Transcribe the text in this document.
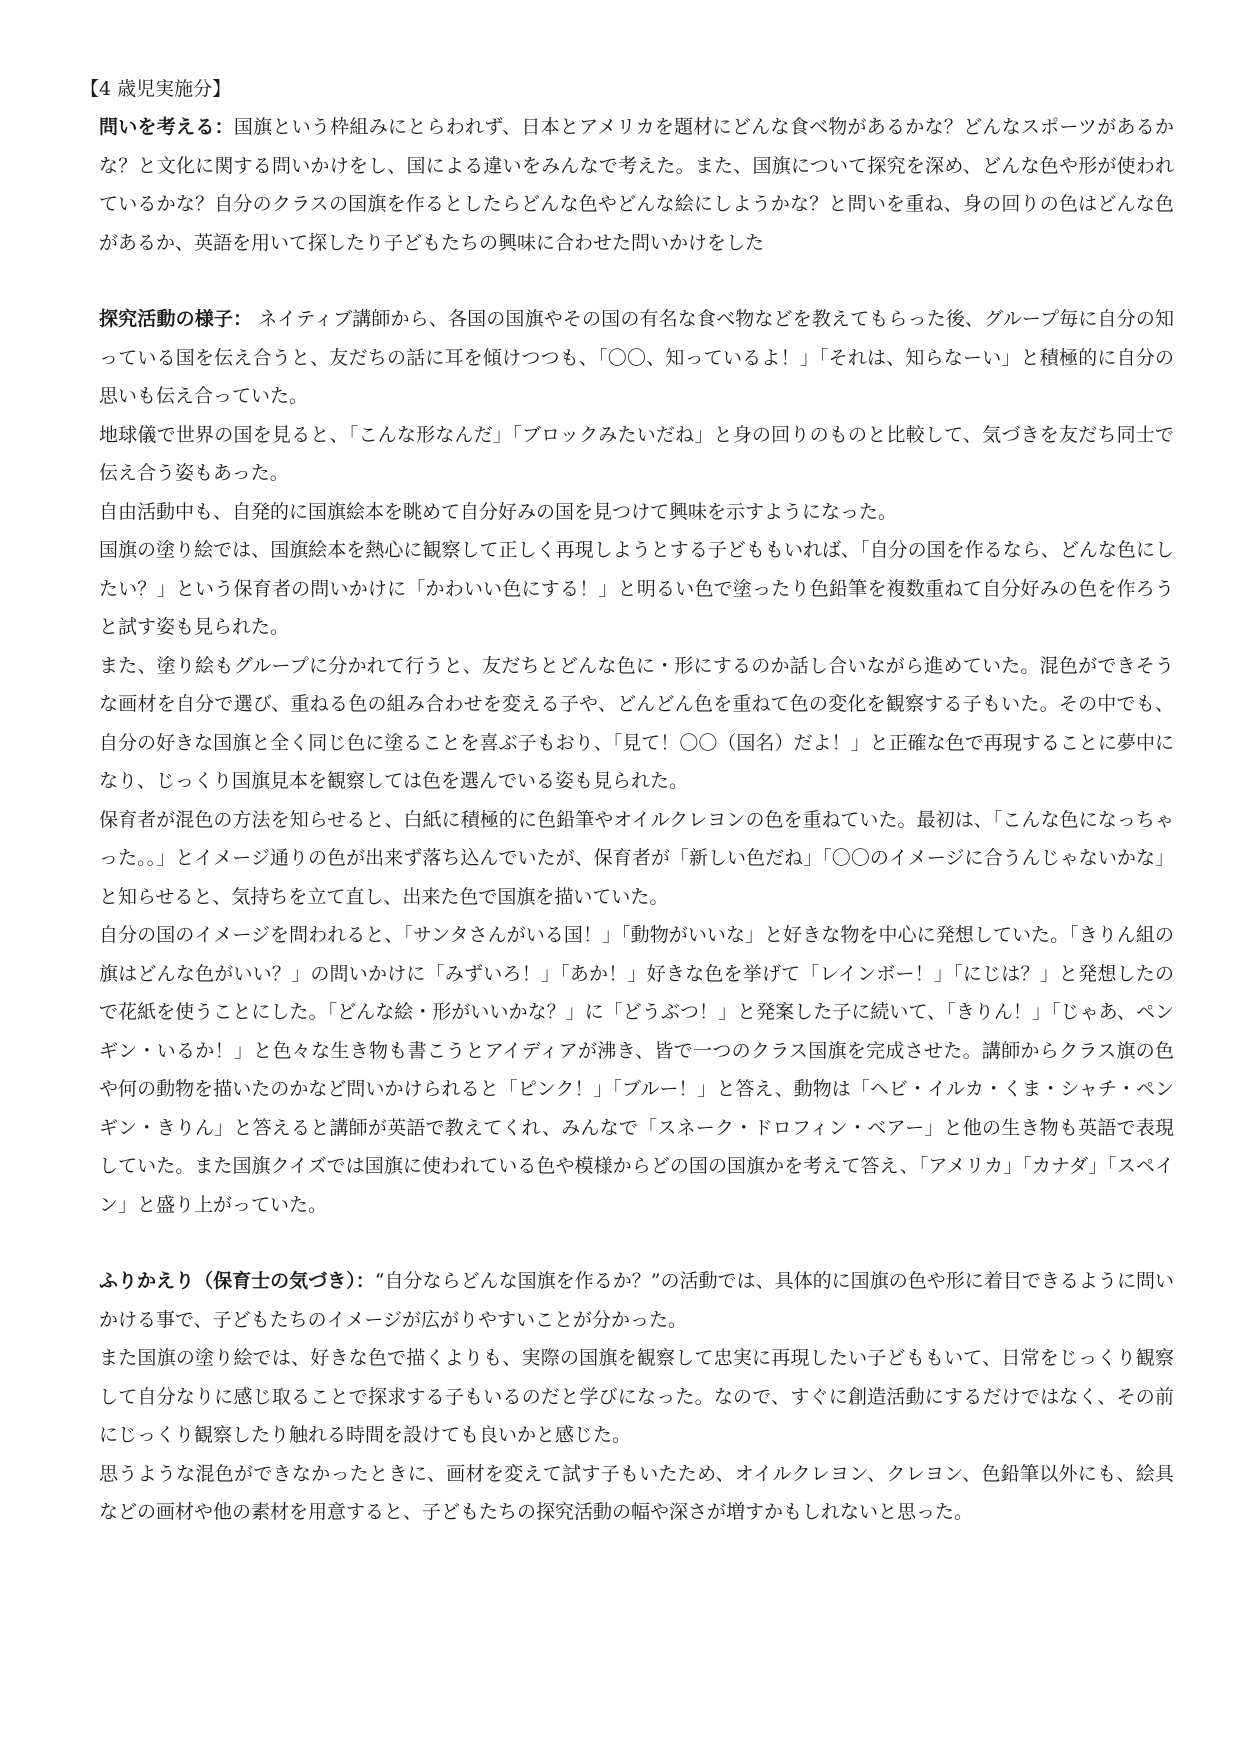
【4 歳児実施分】

問いを考える：国旗という枠組みにとらわれず、日本とアメリカを題材にどんな食べ物があるかな？どんなスポーツがあるかな？と文化に関する問いかけをし、国による違いをみんなで考えた。また、国旗について探究を深め、どんな色や形が使われているかな？自分のクラスの国旗を作るとしたらどんな色やどんな絵にしようかな？と問いを重ね、身の回りの色はどんな色があるか、英語を用いて探したり子どもたちの興味に合わせた問いかけをした

探究活動の様子： ネイティブ講師から、各国の国旗やその国の有名な食べ物などを教えてもらった後、グループ毎に自分の知っている国を伝え合うと、友だちの話に耳を傾けつつも、「〇〇、知っているよ！」「それは、知らなーい」と積極的に自分の思いも伝え合っていた。

地球儀で世界の国を見ると、「こんな形なんだ」「ブロックみたいだね」と身の回りのものと比較して、気づきを友だち同士で伝え合う姿もあった。

自由活動中も、自発的に国旗絵本を眺めて自分好みの国を見つけて興味を示すようになった。

国旗の塗り絵では、国旗絵本を熱心に観察して正しく再現しようとする子どももいれば、「自分の国を作るなら、どんな色にしたい？」という保育者の問いかけに「かわいい色にする！」と明るい色で塗ったり色鉛筆を複数重ねて自分好みの色を作ろうと試す姿も見られた。

また、塗り絵もグループに分かれて行うと、友だちとどんな色に・形にするのか話し合いながら進めていた。混色ができそうな画材を自分で選び、重ねる色の組み合わせを変える子や、どんどん色を重ねて色の変化を観察する子もいた。その中でも、自分の好きな国旗と全く同じ色に塗ることを喜ぶ子もおり、「見て！〇〇（国名）だよ！」と正確な色で再現することに夢中になり、じっくり国旗見本を観察しては色を選んでいる姿も見られた。

保育者が混色の方法を知らせると、白紙に積極的に色鉛筆やオイルクレヨンの色を重ねていた。最初は、「こんな色になっちゃった。。」とイメージ通りの色が出来ず落ち込んでいたが、保育者が「新しい色だね」「〇〇のイメージに合うんじゃないかな」と知らせると、気持ちを立て直し、出来た色で国旗を描いていた。

自分の国のイメージを問われると、「サンタさんがいる国！」「動物がいいな」と好きな物を中心に発想していた。「きりん組の旗はどんな色がいい？」の問いかけに「みずいろ！」「あか！」好きな色を挙げて「レインボー！」「にじは？」と発想したので花紙を使うことにした。「どんな絵・形がいいかな？」に「どうぶつ！」と発案した子に続いて、「きりん！」「じゃあ、ペンギン・いるか！」と色々な生き物も書こうとアイディアが沸き、皆で一つのクラス国旗を完成させた。講師からクラス旗の色や何の動物を描いたのかなど問いかけられると「ピンク！」「ブルー！」と答え、動物は「ヘビ・イルカ・くま・シャチ・ペンギン・きりん」と答えると講師が英語で教えてくれ、みんなで「スネーク・ドロフィン・ベアー」と他の生き物も英語で表現していた。また国旗クイズでは国旗に使われている色や模様からどの国の国旗かを考えて答え、「アメリカ」「カナダ」「スペイン」と盛り上がっていた。

ふりかえり（保育士の気づき）：“自分ならどんな国旗を作るか？”の活動では、具体的に国旗の色や形に着目できるように問いかける事で、子どもたちのイメージが広がりやすいことが分かった。

また国旗の塗り絵では、好きな色で描くよりも、実際の国旗を観察して忠実に再現したい子どももいて、日常をじっくり観察して自分なりに感じ取ることで探求する子もいるのだと学びになった。なので、すぐに創造活動にするだけではなく、その前にじっくり観察したり触れる時間を設けても良いかと感じた。

思うような混色ができなかったときに、画材を変えて試す子もいたため、オイルクレヨン、クレヨン、色鉛筆以外にも、絵具などの画材や他の素材を用意すると、子どもたちの探究活動の幅や深さが増すかもしれないと思った。
